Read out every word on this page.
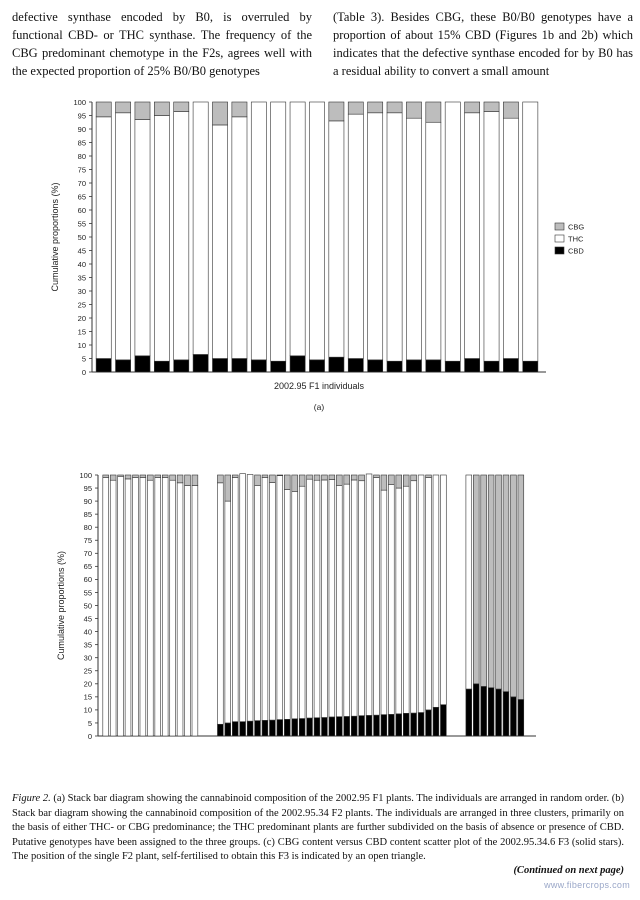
defective synthase encoded by B0, is overruled by functional CBD- or THC synthase. The frequency of the CBG predominant chemotype in the F2s, agrees well with the expected proportion of 25% B0/B0 genotypes

(Table 3). Besides CBG, these B0/B0 genotypes have a proportion of about 15% CBD (Figures 1b and 2b) which indicates that the defective synthase encoded for by B0 has a residual ability to convert a small amount

0
5
10
15
20
25
30
35
40
45
50
55
60
65
70
75
80
85
90
95
100
Cumulative proportions (%)
2002.95 F1 individuals
(a)
CBG
THC
CBD
0
5
10
15
20
25
30
35
40
45
50
55
60
65
70
75
80
85
90
95
100
Cumulative proportions (%)

Figure 2. (a) Stack bar diagram showing the cannabinoid composition of the 2002.95 F1 plants. The individuals are arranged in random order. (b) Stack bar diagram showing the cannabinoid composition of the 2002.95.34 F2 plants. The individuals are arranged in three clusters, primarily on the basis of either THC- or CBG predominance; the THC predominant plants are further subdivided on the basis of absence or presence of CBD. Putative genotypes have been assigned to the three groups. (c) CBG content versus CBD content scatter plot of the 2002.95.34.6 F3 (solid stars). The position of the single F2 plant, self-fertilised to obtain this F3 is indicated by an open triangle.

(Continued on next page)
www.fibercrops.com
